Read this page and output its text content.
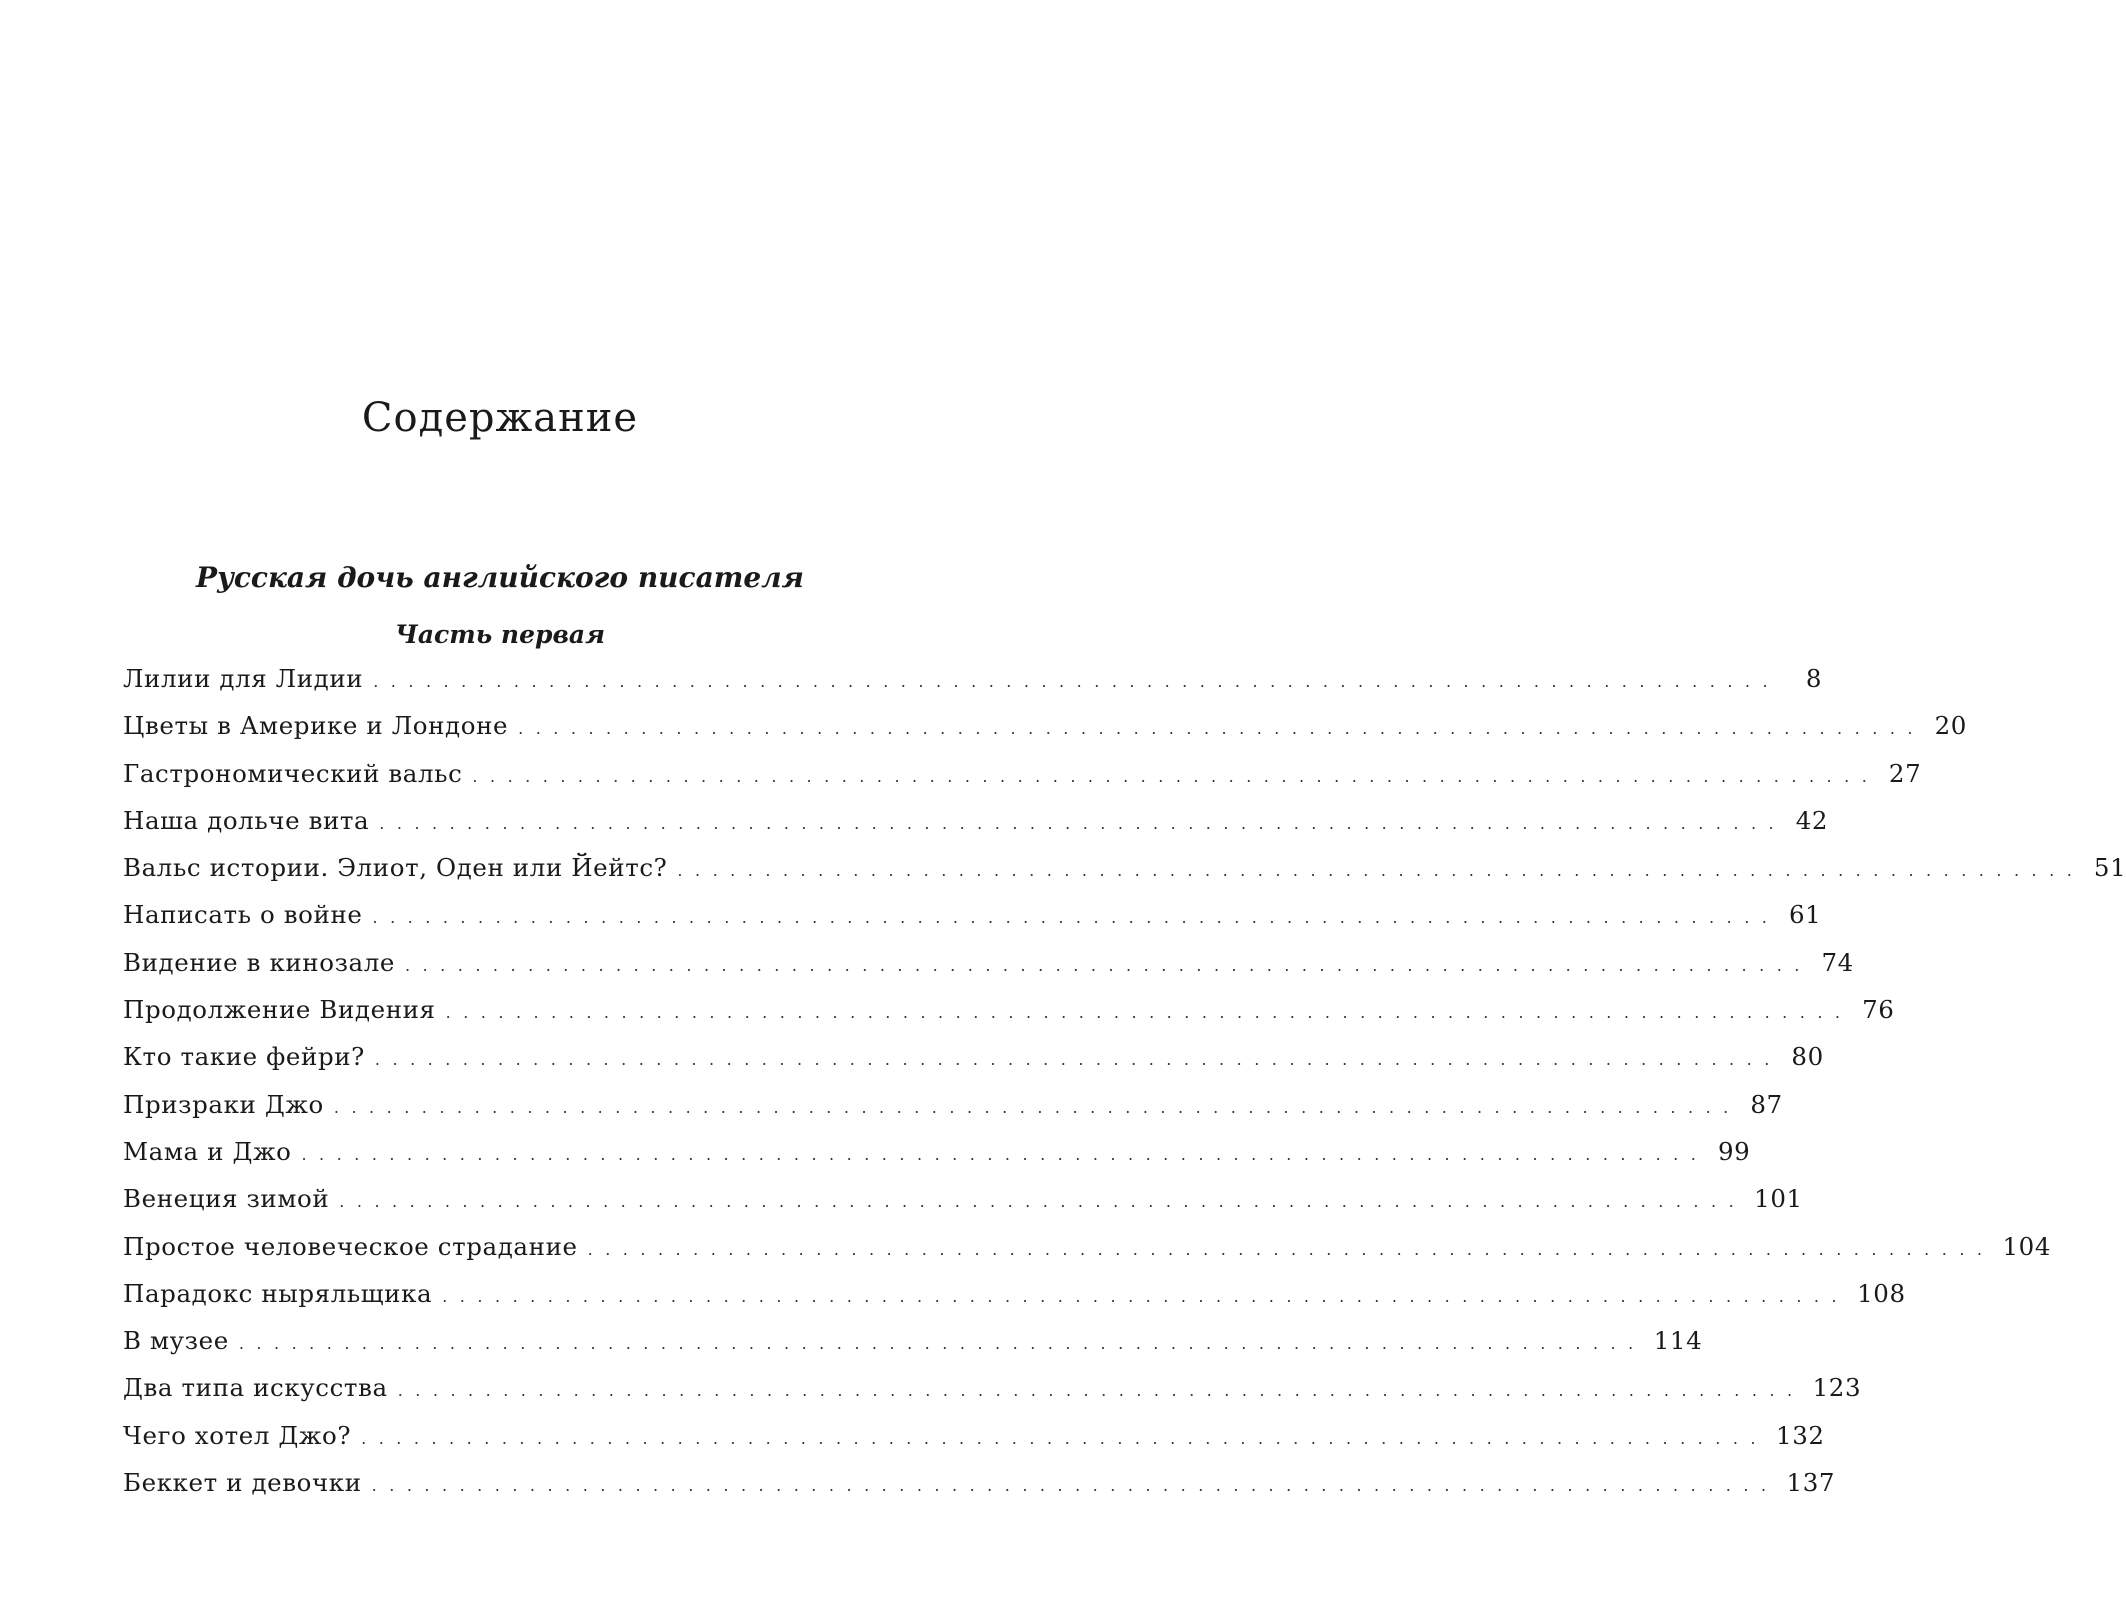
Содержание
Русская дочь английского писателя
Часть первая
Лилии для Лидии ................................................................................	8
Цветы в Америке и Лондоне ................................................................................ 20
Гастрономический вальс ................................................................................ 27
Наша дольче вита ................................................................................ 42
Вальс истории. Элиот, Оден или Йейтс? ................................................................................ 51
Написать о войне ................................................................................ 61
Видение в кинозале ................................................................................ 74
Продолжение Видения ................................................................................ 76
Кто такие фейри? ................................................................................ 80
Призраки Джо ................................................................................ 87
Мама и Джо ................................................................................ 99
Венеция зимой ................................................................................ 101
Простое человеческое страдание ................................................................................ 104
Парадокс ныряльщика ................................................................................ 108
В музее ................................................................................ 114
Два типа искусства ................................................................................ 123
Чего хотел Джо? ................................................................................ 132
Беккет и девочки ................................................................................ 137
